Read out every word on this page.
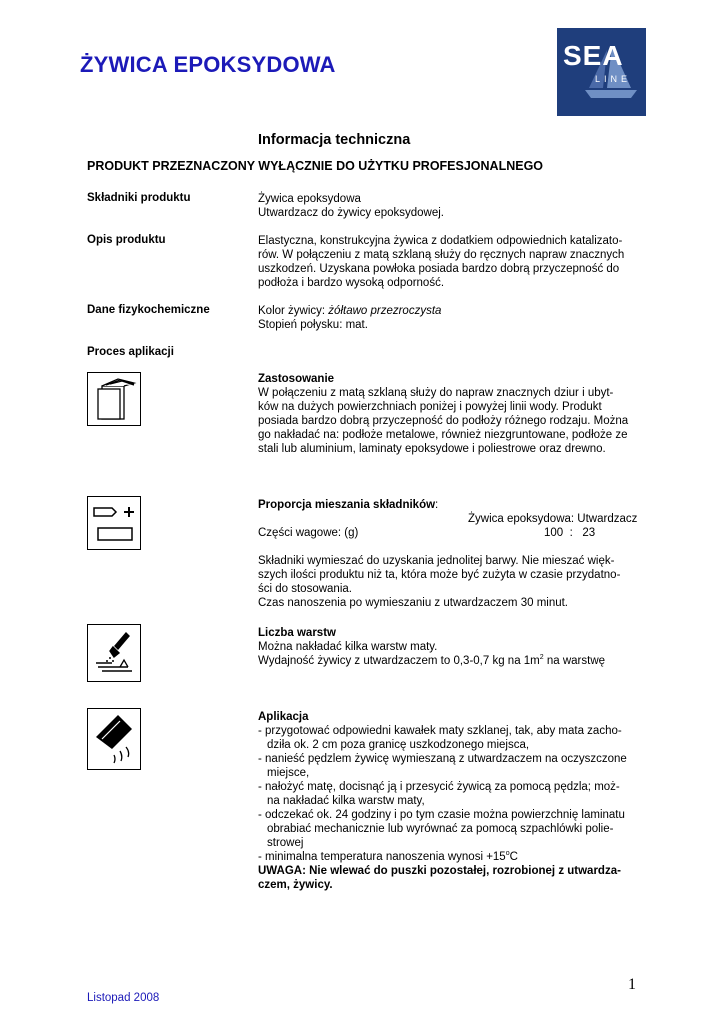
ŻYWICA EPOKSYDOWA	SEA
LINE
Informacja techniczna
PRODUKT PRZEZNACZONY WYŁĄCZNIE DO UŻYTKU PROFESJONALNEGO
Składniki produktu	Żywica epoksydowa

Utwardzacz do żywicy epoksydowej.

Opis produktu	Elastyczna, konstrukcyjna żywica z dodatkiem odpowiednich katalizato-

rów. W połączeniu z matą szklaną służy do ręcznych napraw znacznych

uszkodzeń. Uzyskana powłoka posiada bardzo dobrą przyczepność do

podłoża i bardzo wysoką odporność.

Dane fizykochemiczne	Kolor żywicy: żółtawo przezroczysta

Stopień połysku: mat.

Proces aplikacji

Zastosowanie

W połączeniu z matą szklaną służy do napraw znacznych dziur i ubyt-

ków na dużych powierzchniach poniżej i powyżej linii wody. Produkt

posiada bardzo dobrą przyczepność do podłoży różnego rodzaju. Można

go nakładać na: podłoże metalowe, również niezgruntowane, podłoże ze

stali lub aluminium, laminaty epoksydowe i poliestrowe oraz drewno.

Proporcja mieszania składników:

Żywica epoksydowa: Utwardzacz

Części wagowe: (g)	100  :   23

Składniki wymieszać do uzyskania jednolitej barwy. Nie mieszać więk-

szych ilości produktu niż ta, która może być zużyta w czasie przydatno-

ści do stosowania.

Czas nanoszenia po wymieszaniu z utwardzaczem 30 minut.

Liczba warstw

Można nakładać kilka warstw maty.

Wydajność żywicy z utwardzaczem to 0,3-0,7 kg na $1m^2$ na warstwę

Aplikacja

- przygotować odpowiedni kawałek maty szklanej, tak, aby mata zacho-
dziła ok. 2 cm poza granicę uszkodzonego miejsca,

- nanieść pędzlem żywicę wymieszaną z utwardzaczem na oczyszczone
miejsce,

- nałożyć matę, docisnąć ją i przesycić żywicą za pomocą pędzla; moż-
na nakładać kilka warstw maty,

- odczekać ok. 24 godziny i po tym czasie można powierzchnię laminatu
obrabiać mechanicznie lub wyrównać za pomocą szpachlówki polie-
strowej

- minimalna temperatura nanoszenia wynosi $+15^oC$

UWAGA: Nie wlewać do puszki pozostałej, rozrobionej z utwardza-
czem, żywicy.

1
Listopad 2008
